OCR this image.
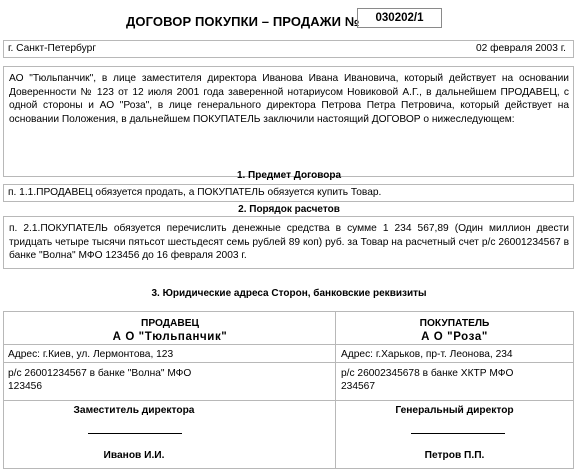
ДОГОВОР ПОКУПКИ – ПРОДАЖИ №	030202/1
г. Санкт-Петербург	02 февраля 2003 г.
АО "Тюльпанчик", в лице заместителя директора Иванова Ивана Ивановича, который действует на основании Доверенности № 123 от 12 июля 2001 года заверенной нотариусом Новиковой А.Г., в дальнейшем ПРОДАВЕЦ, с одной стороны и АО "Роза", в лице генерального директора Петрова Петра Петровича, который действует на основании Положения, в дальнейшем ПОКУПАТЕЛЬ заключили настоящий ДОГОВОР о нижеследующем:
1. Предмет Договора
п. 1.1.ПРОДАВЕЦ обязуется продать, а ПОКУПАТЕЛЬ обязуется купить Товар.
2. Порядок расчетов
п. 2.1.ПОКУПАТЕЛЬ обязуется перечислить денежные средства в сумме 1 234 567,89 (Один миллион двести тридцать четыре тысячи пятьсот шестьдесят семь рублей 89 коп) руб. за Товар на расчетный счет р/с 26001234567 в банке "Волна" МФО 123456 до 16 февраля 2003 г.
3. Юридические адреса Сторон, банковские реквизиты
ПРОДАВЕЦ
А О "Тюльпанчик"
Адрес: г.Киев, ул. Лермонтова, 123
р/с 26001234567 в банке "Волна" МФО
123456
Заместитель директора
Иванов И.И.
ПОКУПАТЕЛЬ
А О "Роза"
Адрес: г.Харьков, пр-т. Леонова, 234
р/с 26002345678 в банке ХКТР МФО
234567
Генеральный директор
Петров П.П.
